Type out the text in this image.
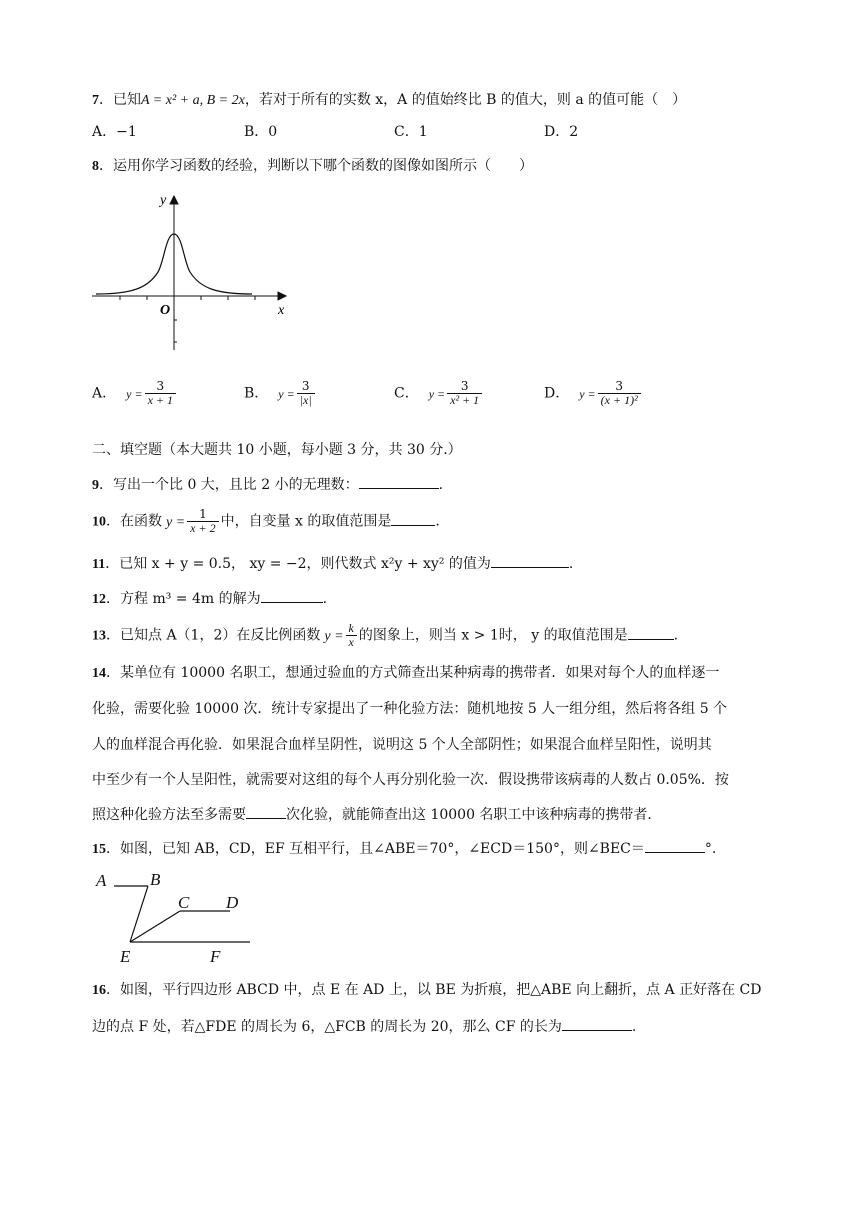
7．已知A = x² + a, B = 2x，若对于所有的实数 x，A 的值始终比 B 的值大，则 a 的值可能（　）
A．−1	B．0	C．1	D．2
8．运用你学习函数的经验，判断以下哪个函数的图像如图所示（　　）
y
x
O
A． $y = \frac{3}{x + 1}$	B． $y = \frac{3}{|x|}$	C． $y = \frac{3}{\text{x² + 1}}$	D． $y = \frac{3}{\text{(x + 1)²}}$
二、填空题（本大题共 10 小题，每小题 3 分，共 30 分.）
9．写出一个比 0 大，且比 2 小的无理数：	.
10．在函数 $y = \frac{1}{x + 2}$ 中，自变量 x 的取值范围是	.
11．已知 x + y = 0.5， xy = −2，则代数式 x²y + xy² 的值为	.
12．方程 m³ = 4m 的解为	.
13．已知点 A（1，2）在反比例函数 $y = \frac{k}{x}$ 的图象上，则当 x > 1时， y 的取值范围是	.
14．某单位有 10000 名职工，想通过验血的方式筛查出某种病毒的携带者．如果对每个人的血样逐一
化验，需要化验 10000 次．统计专家提出了一种化验方法：随机地按 5 人一组分组，然后将各组 5 个
人的血样混合再化验．如果混合血样呈阴性，说明这 5 个人全部阴性；如果混合血样呈阳性，说明其
中至少有一个人呈阳性，就需要对这组的每个人再分别化验一次．假设携带该病毒的人数占 0.05%．按
照这种化验方法至多需要	次化验，就能筛查出这 10000 名职工中该种病毒的携带者．
15．如图，已知 AB，CD，EF 互相平行，且∠ABE＝70°，∠ECD＝150°，则∠BEC＝	°.
A	B
C D
E	F
16．如图，平行四边形 ABCD 中，点 E 在 AD 上，以 BE 为折痕，把△ABE 向上翻折，点 A 正好落在 CD
边的点 F 处，若△FDE 的周长为 6，△FCB 的周长为 20，那么 CF 的长为	.
